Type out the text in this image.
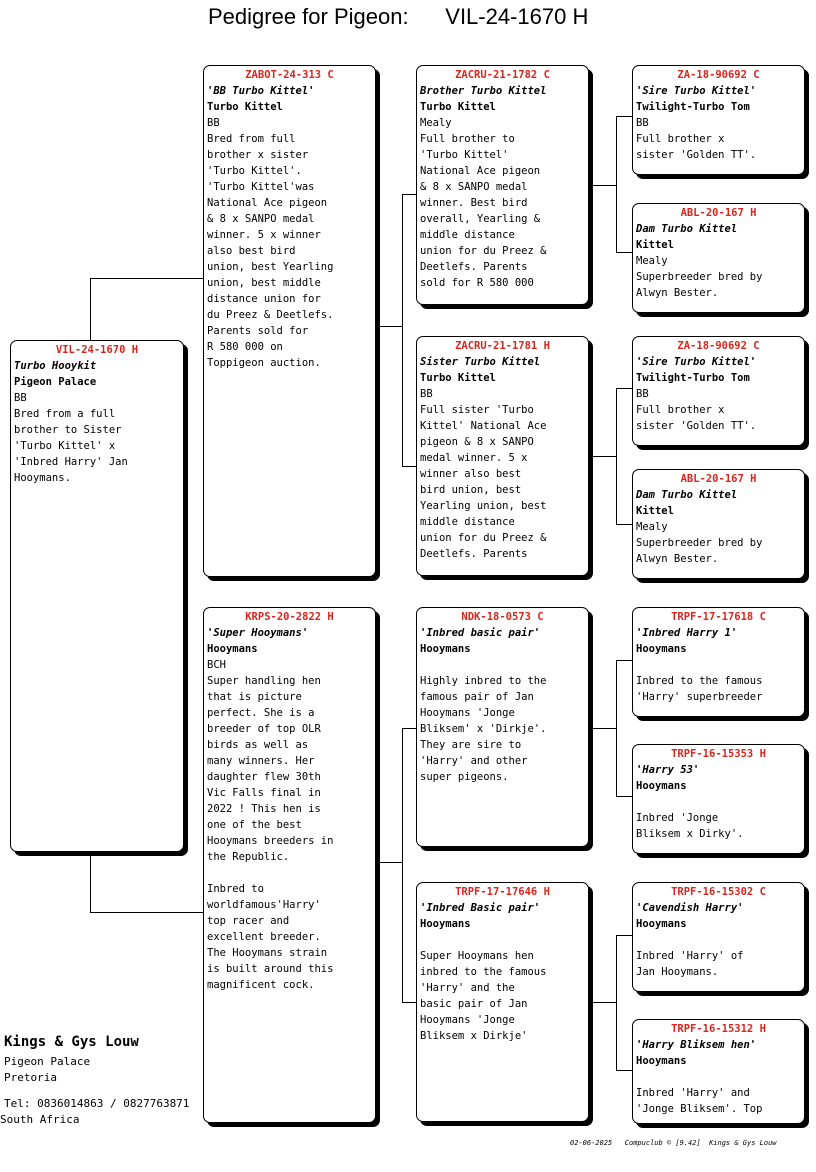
Pedigree for Pigeon: VIL-24-1670 H
VIL-24-1670 H
Turbo Hooykit
Pigeon Palace
BB
Bred from a full
brother to Sister
'Turbo Kittel' x
'Inbred Harry' Jan
Hooymans.
ZABOT-24-313 C
'BB Turbo Kittel'
Turbo Kittel
BB
Bred from full
brother x sister
'Turbo Kittel'.
'Turbo Kittel'was
National Ace pigeon
& 8 x SANPO medal
winner. 5 x winner
also best bird
union, best Yearling
union, best middle
distance union for
du Preez & Deetlefs.
Parents sold for
R 580 000 on
Toppigeon auction.
KRPS-20-2822 H
'Super Hooymans'
Hooymans
BCH
Super handling hen
that is picture
perfect. She is a
breeder of top OLR
birds as well as
many winners. Her
daughter flew 30th
Vic Falls final in
2022 ! This hen is
one of the best
Hooymans breeders in
the Republic.

Inbred to
worldfamous'Harry'
top racer and
excellent breeder.
The Hooymans strain
is built around this
magnificent cock.
ZACRU-21-1782 C
Brother Turbo Kittel
Turbo Kittel
Mealy
Full brother to
'Turbo Kittel'
National Ace pigeon
& 8 x SANPO medal
winner. Best bird
overall, Yearling &
middle distance
union for du Preez &
Deetlefs. Parents
sold for R 580 000
ZACRU-21-1781 H
Sister Turbo Kittel
Turbo Kittel
BB
Full sister 'Turbo
Kittel' National Ace
pigeon & 8 x SANPO
medal winner. 5 x
winner also best
bird union, best
Yearling union, best
middle distance
union for du Preez &
Deetlefs. Parents
NDK-18-0573 C
'Inbred basic pair'
Hooymans

Highly inbred to the
famous pair of Jan
Hooymans 'Jonge
Bliksem' x 'Dirkje'.
They are sire to
'Harry' and other
super pigeons.
TRPF-17-17646 H
'Inbred Basic pair'
Hooymans

Super Hooymans hen
inbred to the famous
'Harry' and the
basic pair of Jan
Hooymans 'Jonge
Bliksem x Dirkje'
ZA-18-90692 C
'Sire Turbo Kittel'
Twilight-Turbo Tom
BB
Full brother x
sister 'Golden TT'.
ABL-20-167 H
Dam Turbo Kittel
Kittel
Mealy
Superbreeder bred by
Alwyn Bester.
ZA-18-90692 C
'Sire Turbo Kittel'
Twilight-Turbo Tom
BB
Full brother x
sister 'Golden TT'.
ABL-20-167 H
Dam Turbo Kittel
Kittel
Mealy
Superbreeder bred by
Alwyn Bester.
TRPF-17-17618 C
'Inbred Harry 1'
Hooymans

Inbred to the famous
'Harry' superbreeder
TRPF-16-15353 H
'Harry 53'
Hooymans

Inbred 'Jonge
Bliksem x Dirky'.
TRPF-16-15302 C
'Cavendish Harry'
Hooymans

Inbred 'Harry' of
Jan Hooymans.
TRPF-16-15312 H
'Harry Bliksem hen'
Hooymans

Inbred 'Harry' and
'Jonge Bliksem'. Top
Kings & Gys Louw
Pigeon Palace
Pretoria
Tel: 0836014863 / 0827763871
South Africa
02-06-2025   Compuclub © [9.42]  Kings & Gys Louw
